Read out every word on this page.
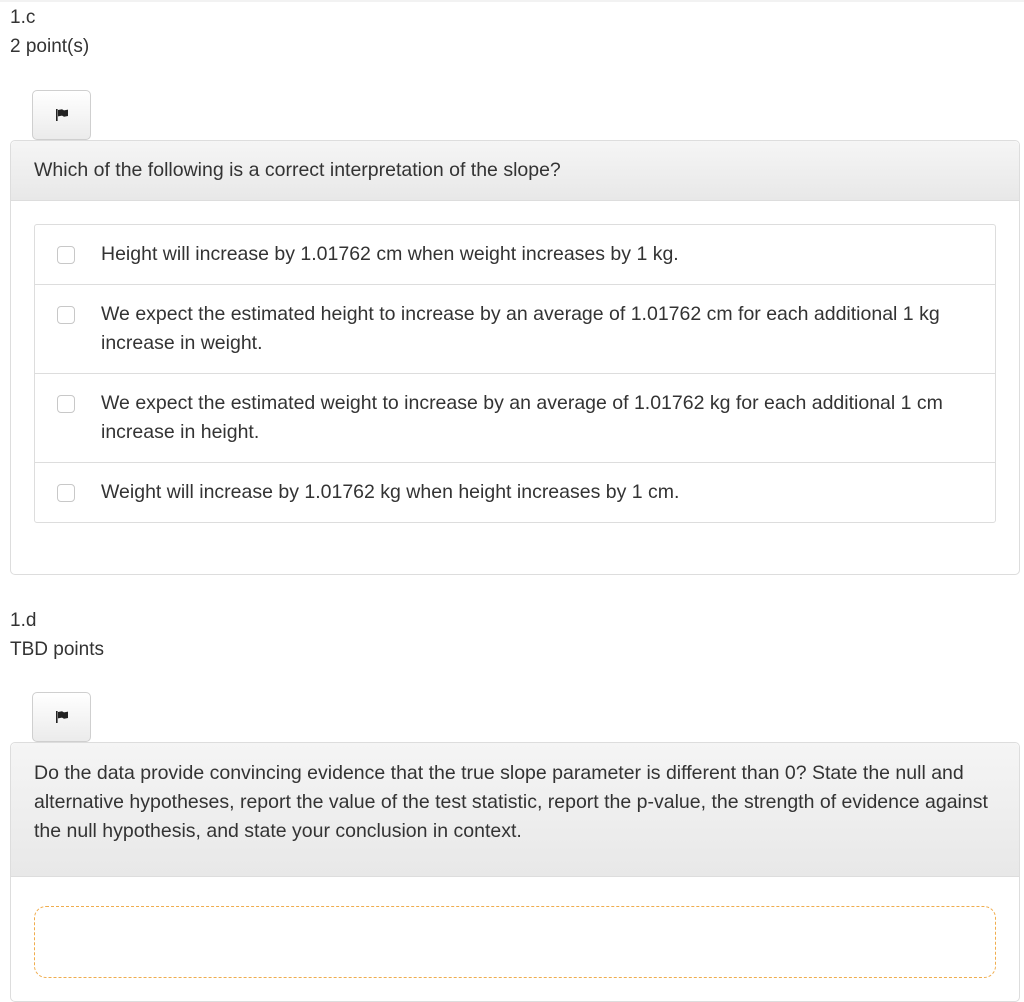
1.c
2 point(s)
Which of the following is a correct interpretation of the slope?
Height will increase by 1.01762 cm when weight increases by 1 kg.
We expect the estimated height to increase by an average of 1.01762 cm for each additional 1 kg increase in weight.
We expect the estimated weight to increase by an average of 1.01762 kg for each additional 1 cm increase in height.
Weight will increase by 1.01762 kg when height increases by 1 cm.
1.d
TBD points
Do the data provide convincing evidence that the true slope parameter is different than 0? State the null and alternative hypotheses, report the value of the test statistic, report the p-value, the strength of evidence against the null hypothesis, and state your conclusion in context.
